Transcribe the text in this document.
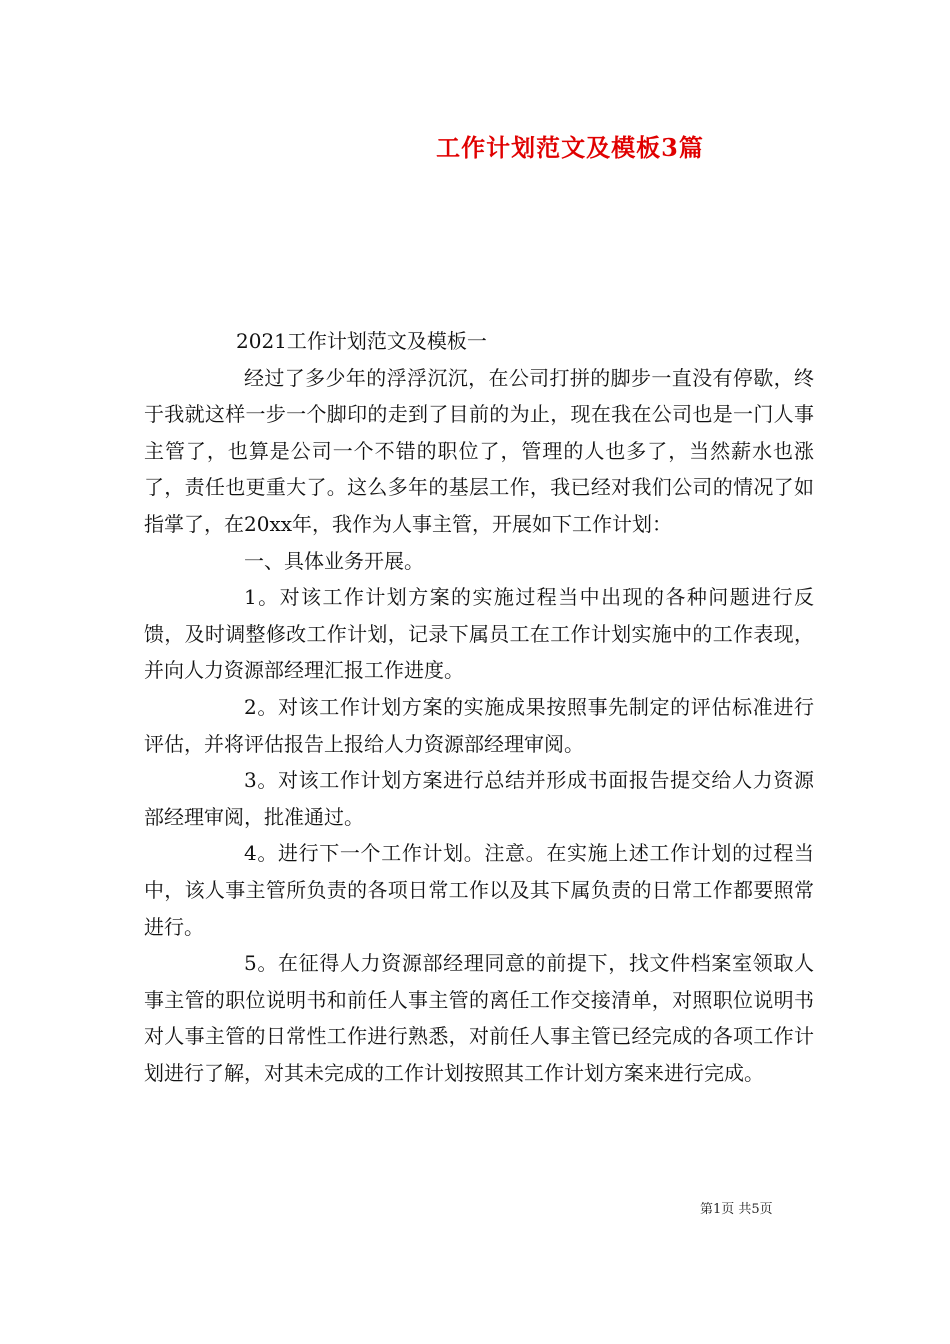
工作计划范文及模板3篇

2021工作计划范文及模板一

经过了多少年的浮浮沉沉，在公司打拼的脚步一直没有停歇，终于我就这样一步一个脚印的走到了目前的为止，现在我在公司也是一门人事主管了，也算是公司一个不错的职位了，管理的人也多了，当然薪水也涨了，责任也更重大了。这么多年的基层工作，我已经对我们公司的情况了如指掌了，在20xx年，我作为人事主管，开展如下工作计划：

一、具体业务开展。

1。对该工作计划方案的实施过程当中出现的各种问题进行反馈，及时调整修改工作计划，记录下属员工在工作计划实施中的工作表现，并向人力资源部经理汇报工作进度。

2。对该工作计划方案的实施成果按照事先制定的评估标准进行评估，并将评估报告上报给人力资源部经理审阅。

3。对该工作计划方案进行总结并形成书面报告提交给人力资源部经理审阅，批准通过。

4。进行下一个工作计划。注意。在实施上述工作计划的过程当中，该人事主管所负责的各项日常工作以及其下属负责的日常工作都要照常进行。

5。在征得人力资源部经理同意的前提下，找文件档案室领取人事主管的职位说明书和前任人事主管的离任工作交接清单，对照职位说明书对人事主管的日常性工作进行熟悉，对前任人事主管已经完成的各项工作计划进行了解，对其未完成的工作计划按照其工作计划方案来进行完成。

第1页 共5页
